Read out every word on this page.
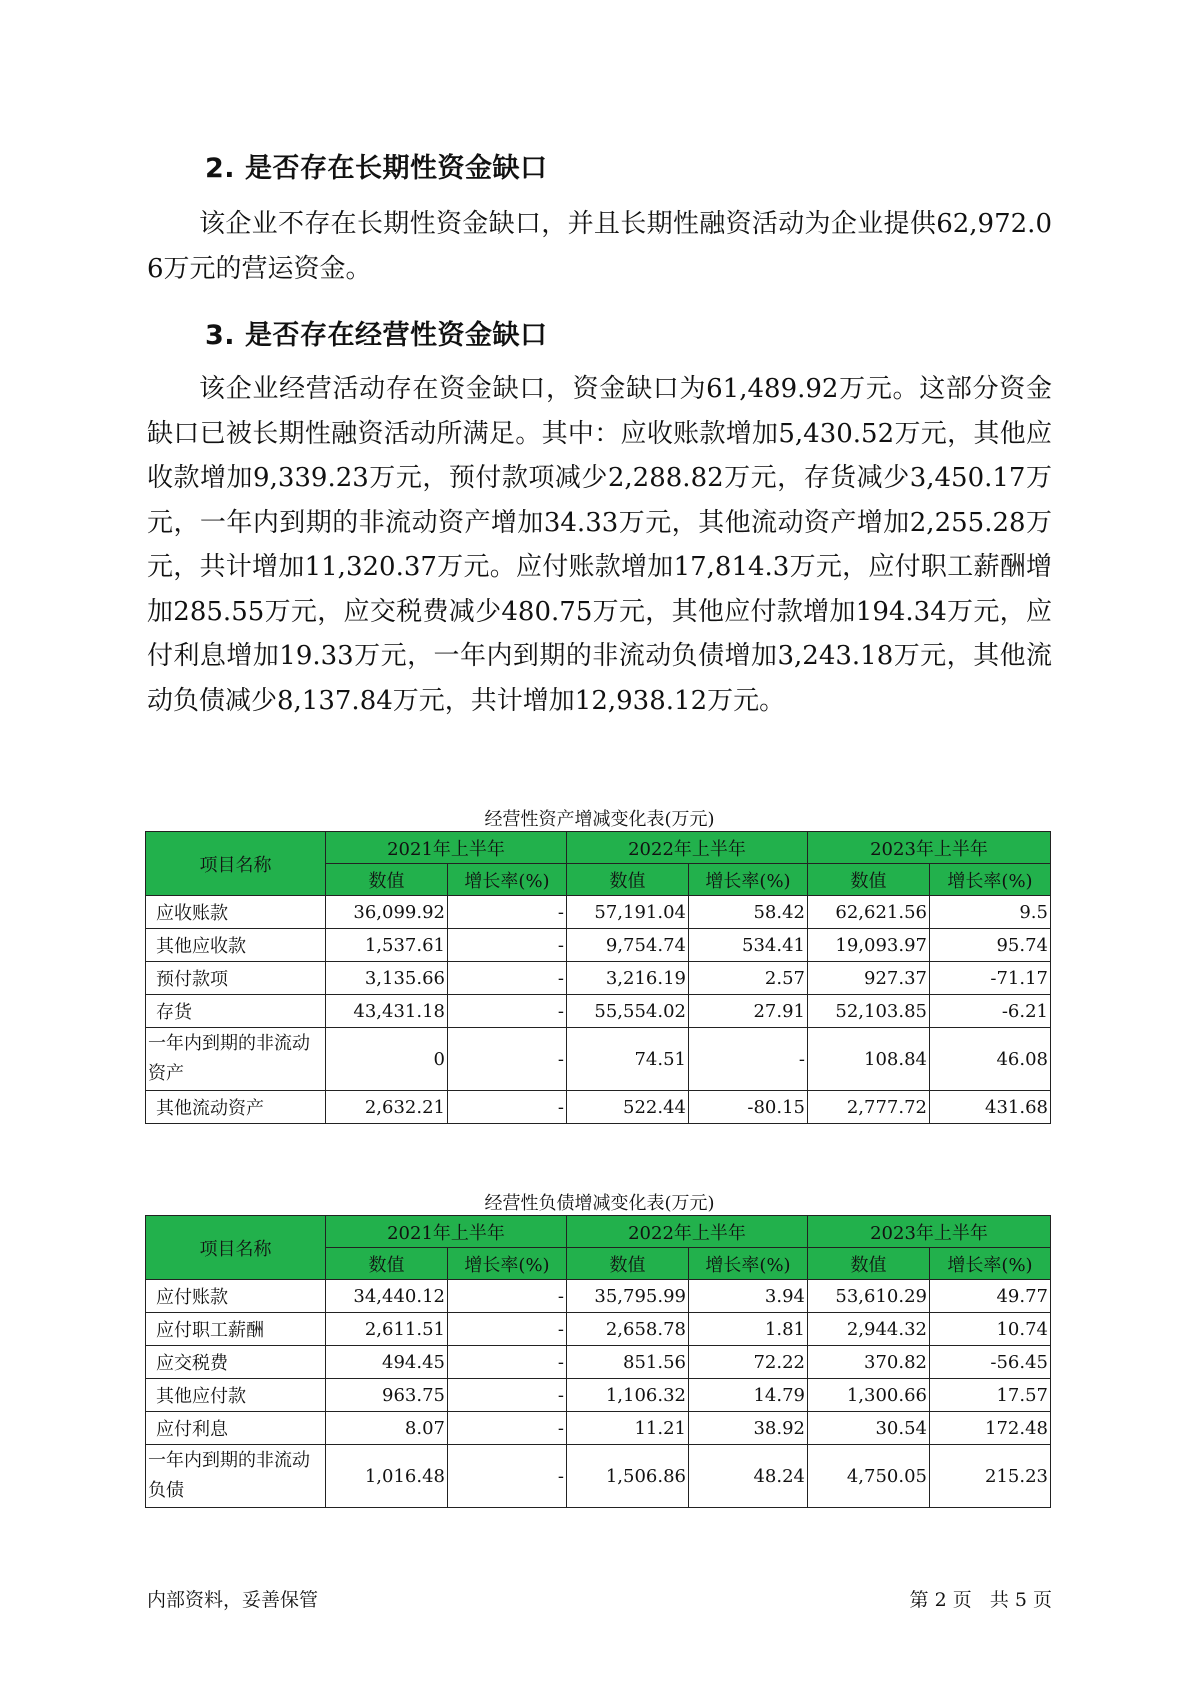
2. 是否存在长期性资金缺口

该企业不存在长期性资金缺口，并且长期性融资活动为企业提供62,972.06万元的营运资金。

3. 是否存在经营性资金缺口

该企业经营活动存在资金缺口，资金缺口为61,489.92万元。这部分资金缺口已被长期性融资活动所满足。其中：应收账款增加5,430.52万元，其他应收款增加9,339.23万元，预付款项减少2,288.82万元，存货减少3,450.17万元，一年内到期的非流动资产增加34.33万元，其他流动资产增加2,255.28万元，共计增加11,320.37万元。应付账款增加17,814.3万元，应付职工薪酬增加285.55万元，应交税费减少480.75万元，其他应付款增加194.34万元，应付利息增加19.33万元，一年内到期的非流动负债增加3,243.18万元，其他流动负债减少8,137.84万元，共计增加12,938.12万元。

经营性资产增减变化表(万元)
项目名称	2021年上半年		2022年上半年		2023年上半年	
	数值	增长率(%)	数值	增长率(%)	数值	增长率(%)
应收账款	36,099.92	-	57,191.04	58.42	62,621.56	9.5
其他应收款	1,537.61	-	9,754.74	534.41	19,093.97	95.74
预付款项	3,135.66	-	3,216.19	2.57	927.37	-71.17
存货	43,431.18	-	55,554.02	27.91	52,103.85	-6.21
一年内到期的非流动资产	0	-	74.51	-	108.84	46.08
其他流动资产	2,632.21	-	522.44	-80.15	2,777.72	431.68
经营性负债增减变化表(万元)
项目名称	2021年上半年		2022年上半年		2023年上半年	
	数值	增长率(%)	数值	增长率(%)	数值	增长率(%)
应付账款	34,440.12	-	35,795.99	3.94	53,610.29	49.77
应付职工薪酬	2,611.51	-	2,658.78	1.81	2,944.32	10.74
应交税费	494.45	-	851.56	72.22	370.82	-56.45
其他应付款	963.75	-	1,106.32	14.79	1,300.66	17.57
应付利息	8.07	-	11.21	38.92	30.54	172.48
一年内到期的非流动负债	1,016.48	-	1,506.86	48.24	4,750.05	215.23
内部资料，妥善保管	第 2 页   共 5 页
